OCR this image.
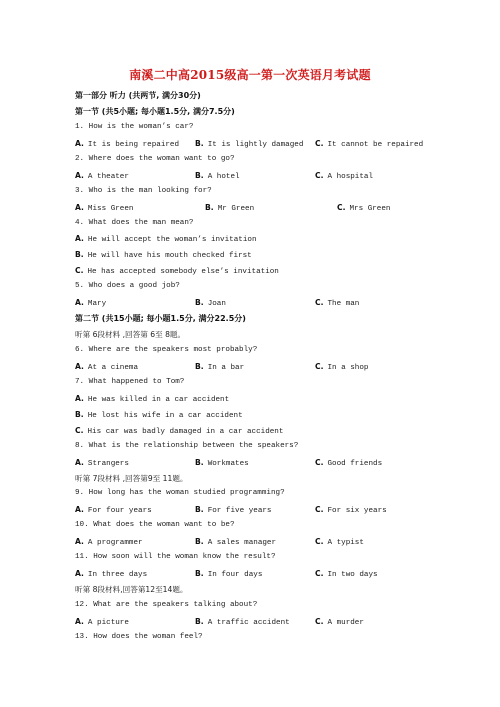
南溪二中高2015级高一第一次英语月考试题
第一部分 听力 (共两节, 满分30分)
第一节 (共5小题; 每小题1.5分, 满分7.5分)
1. How is the woman’s car?
A. It is being repaired B. It is lightly damaged C. It cannot be repaired
2. Where does the woman want to go?
A. A theater	B. A hotel	C. A hospital
3. Who is the man looking for?
A. Miss Green	B. Mr Green	C. Mrs Green
4. What does the man mean?
A. He will accept the woman’s invitation
B. He will have his mouth checked first
C. He has accepted somebody else’s invitation
5. Who does a good job?
A. Mary	B. Joan	C. The man
第二节 (共15小题; 每小题1.5分, 满分22.5分)
听第 6段材料 ,回答第 6至 8题。
6. Where are the speakers most probably?
A. At a cinema	B. In a bar	C. In a shop
7. What happened to Tom?
A. He was killed in a car accident
B. He lost his wife in a car accident
C. His car was badly damaged in a car accident
8. What is the relationship between the speakers?
A. Strangers	B. Workmates	C. Good friends
听第 7段材料 ,回答第9至 11题。
9. How long has the woman studied programming?
A. For four years	B. For five years	C. For six years
10. What does the woman want to be?
A. A programmer	B. A sales manager	C. A typist
11. How soon will the woman know the result?
A. In three days	B. In four days	C. In two days
听第 8段材料,回答第12至14题。
12. What are the speakers talking about?
A. A picture	B. A traffic accident	C. A murder
13. How does the woman feel?
